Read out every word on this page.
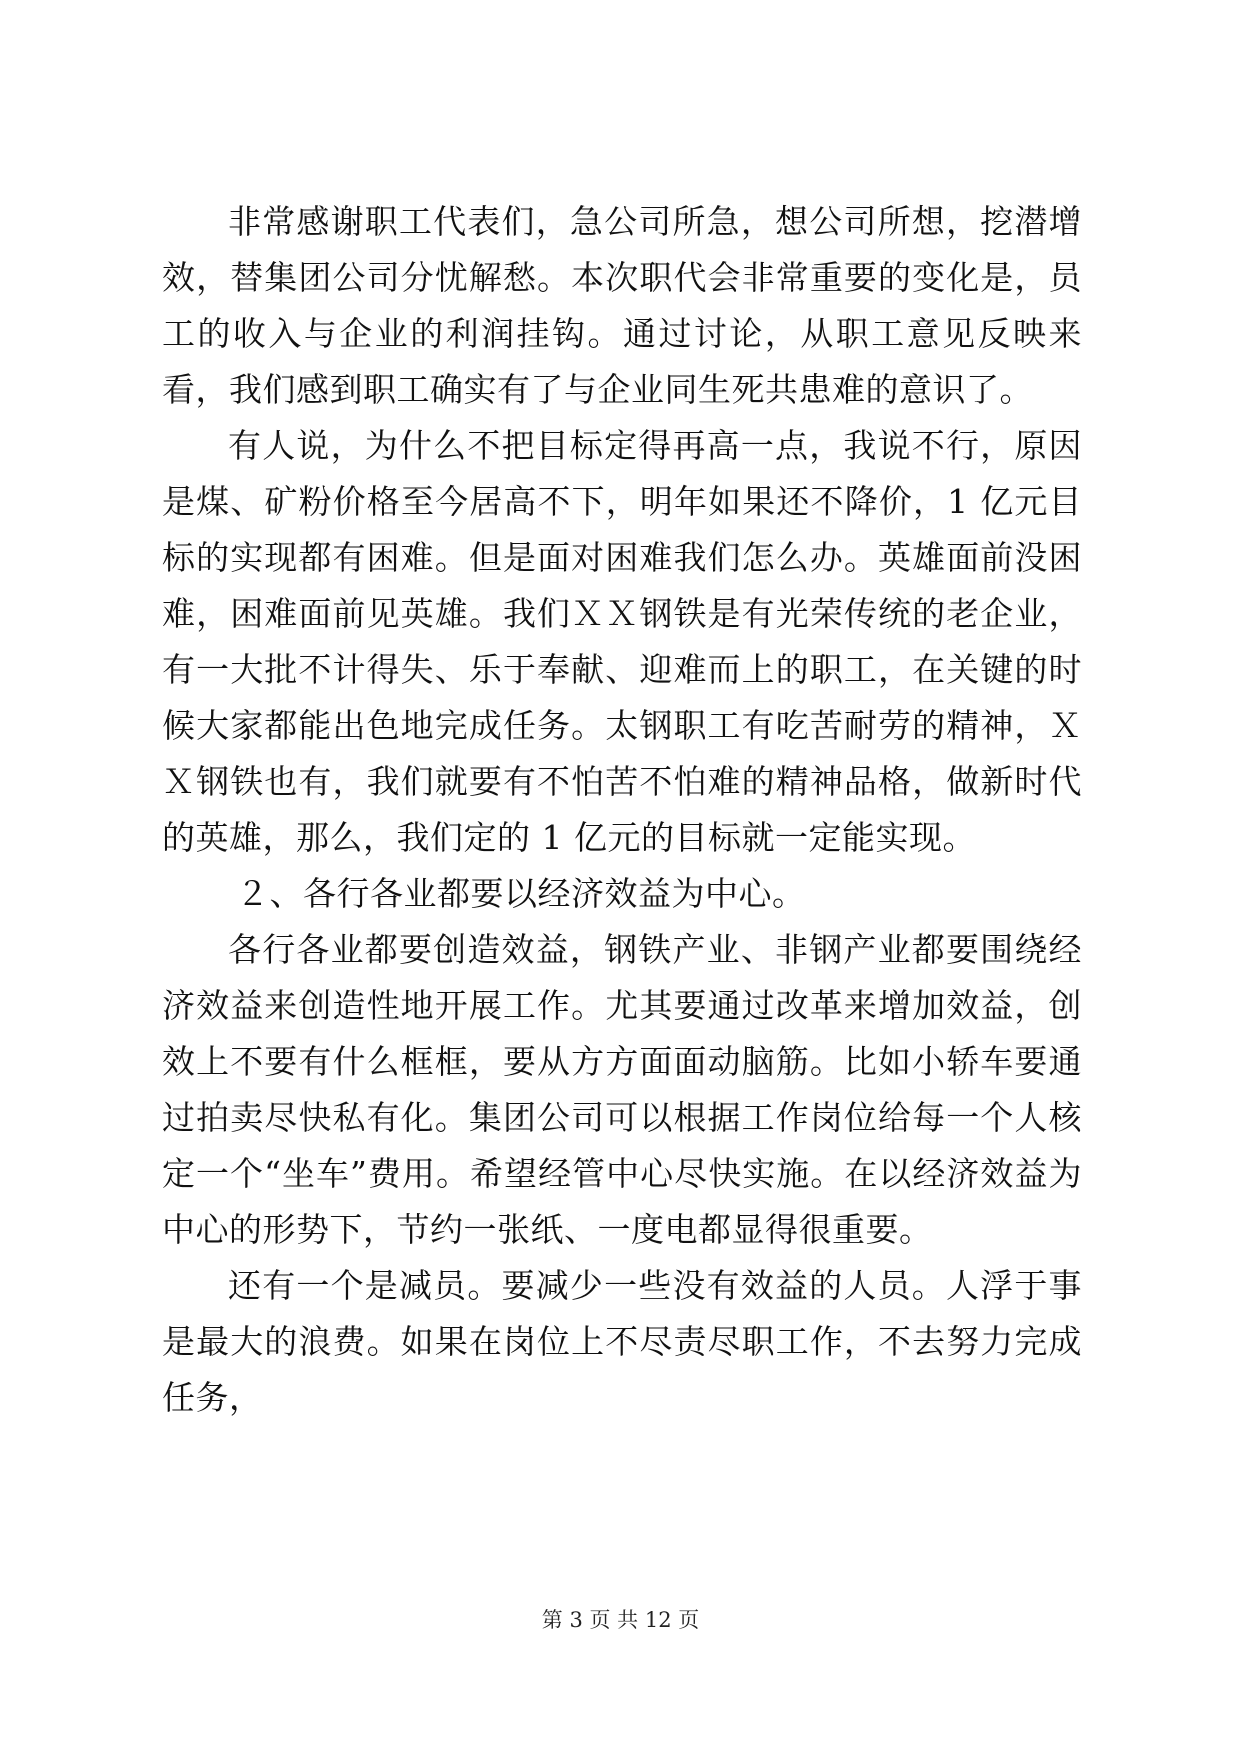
非常感谢职工代表们，急公司所急，想公司所想，挖潜增效，替集团公司分忧解愁。本次职代会非常重要的变化是，员工的收入与企业的利润挂钩。通过讨论，从职工意见反映来看，我们感到职工确实有了与企业同生死共患难的意识了。

有人说，为什么不把目标定得再高一点，我说不行，原因是煤、矿粉价格至今居高不下，明年如果还不降价，1 亿元目标的实现都有困难。但是面对困难我们怎么办。英雄面前没困难，困难面前见英雄。我们ＸＸ钢铁是有光荣传统的老企业，有一大批不计得失、乐于奉献、迎难而上的职工，在关键的时候大家都能出色地完成任务。太钢职工有吃苦耐劳的精神，ＸＸ钢铁也有，我们就要有不怕苦不怕难的精神品格，做新时代的英雄，那么，我们定的 1 亿元的目标就一定能实现。

２、各行各业都要以经济效益为中心。

各行各业都要创造效益，钢铁产业、非钢产业都要围绕经济效益来创造性地开展工作。尤其要通过改革来增加效益，创效上不要有什么框框，要从方方面面动脑筋。比如小轿车要通过拍卖尽快私有化。集团公司可以根据工作岗位给每一个人核定一个“坐车”费用。希望经管中心尽快实施。在以经济效益为中心的形势下，节约一张纸、一度电都显得很重要。

还有一个是减员。要减少一些没有效益的人员。人浮于事是最大的浪费。如果在岗位上不尽责尽职工作，不去努力完成任务，

第 3 页 共 12 页
